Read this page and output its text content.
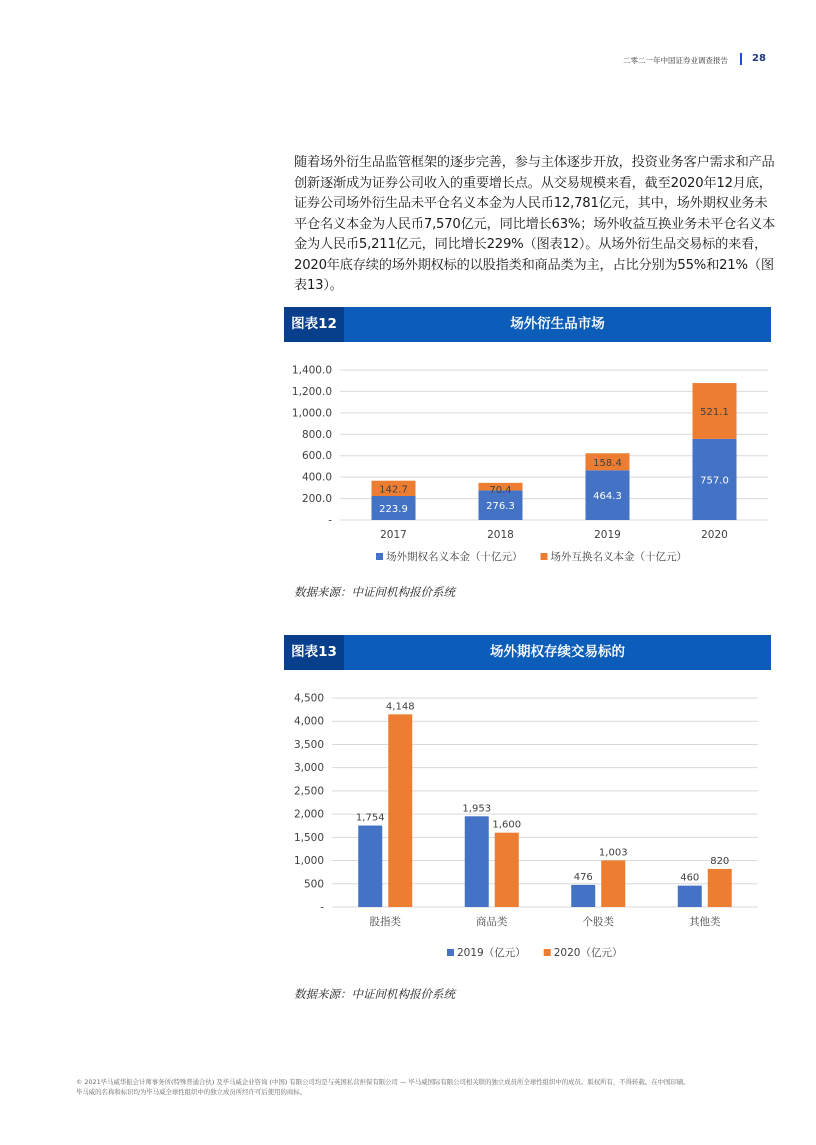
二零二一年中国证券业调查报告 28

随着场外衍生品监管框架的逐步完善，参与主体逐步开放，投资业务客户需求和产品创新逐渐成为证券公司收入的重要增长点。从交易规模来看，截至2020年12月底，证券公司场外衍生品未平仓名义本金为人民币12,781亿元，其中，场外期权业务未平仓名义本金为人民币7,570亿元，同比增长63%；场外收益互换业务未平仓名义本金为人民币5,211亿元，同比增长229%（图表12）。从场外衍生品交易标的来看，2020年底存续的场外期权标的以股指类和商品类为主，占比分别为55%和21%（图表13）。

图表12	场外衍生品市场
-
200.0
400.0
600.0
800.0
1,000.0
1,200.0
1,400.0
2017
223.9
142.7
2018
276.3
70.4
2019
464.3
158.4
2020
757.0
521.1
场外期权名义本金（十亿元）	场外互换名义本金（十亿元）
数据来源：中证间机构报价系统
图表13	场外期权存续交易标的
-
500
1,000
1,500
2,000
2,500
3,000
3,500
4,000
4,500
股指类
1,754
4,148
商品类
1,953
1,600
个股类
476
1,003
其他类
460
820
2019（亿元）	2020（亿元）
数据来源：中证间机构报价系统
© 2021毕马威华振会计师事务所(特殊普通合伙) 及毕马威企业咨询 (中国) 有限公司均是与英国私营担保有限公司 — 毕马威国际有限公司相关联的独立成员所全球性组织中的成员。版权所有，不得转载。在中国印刷。
毕马威的名称和标识均为毕马威全球性组织中的独立成员所经许可后使用的商标。
